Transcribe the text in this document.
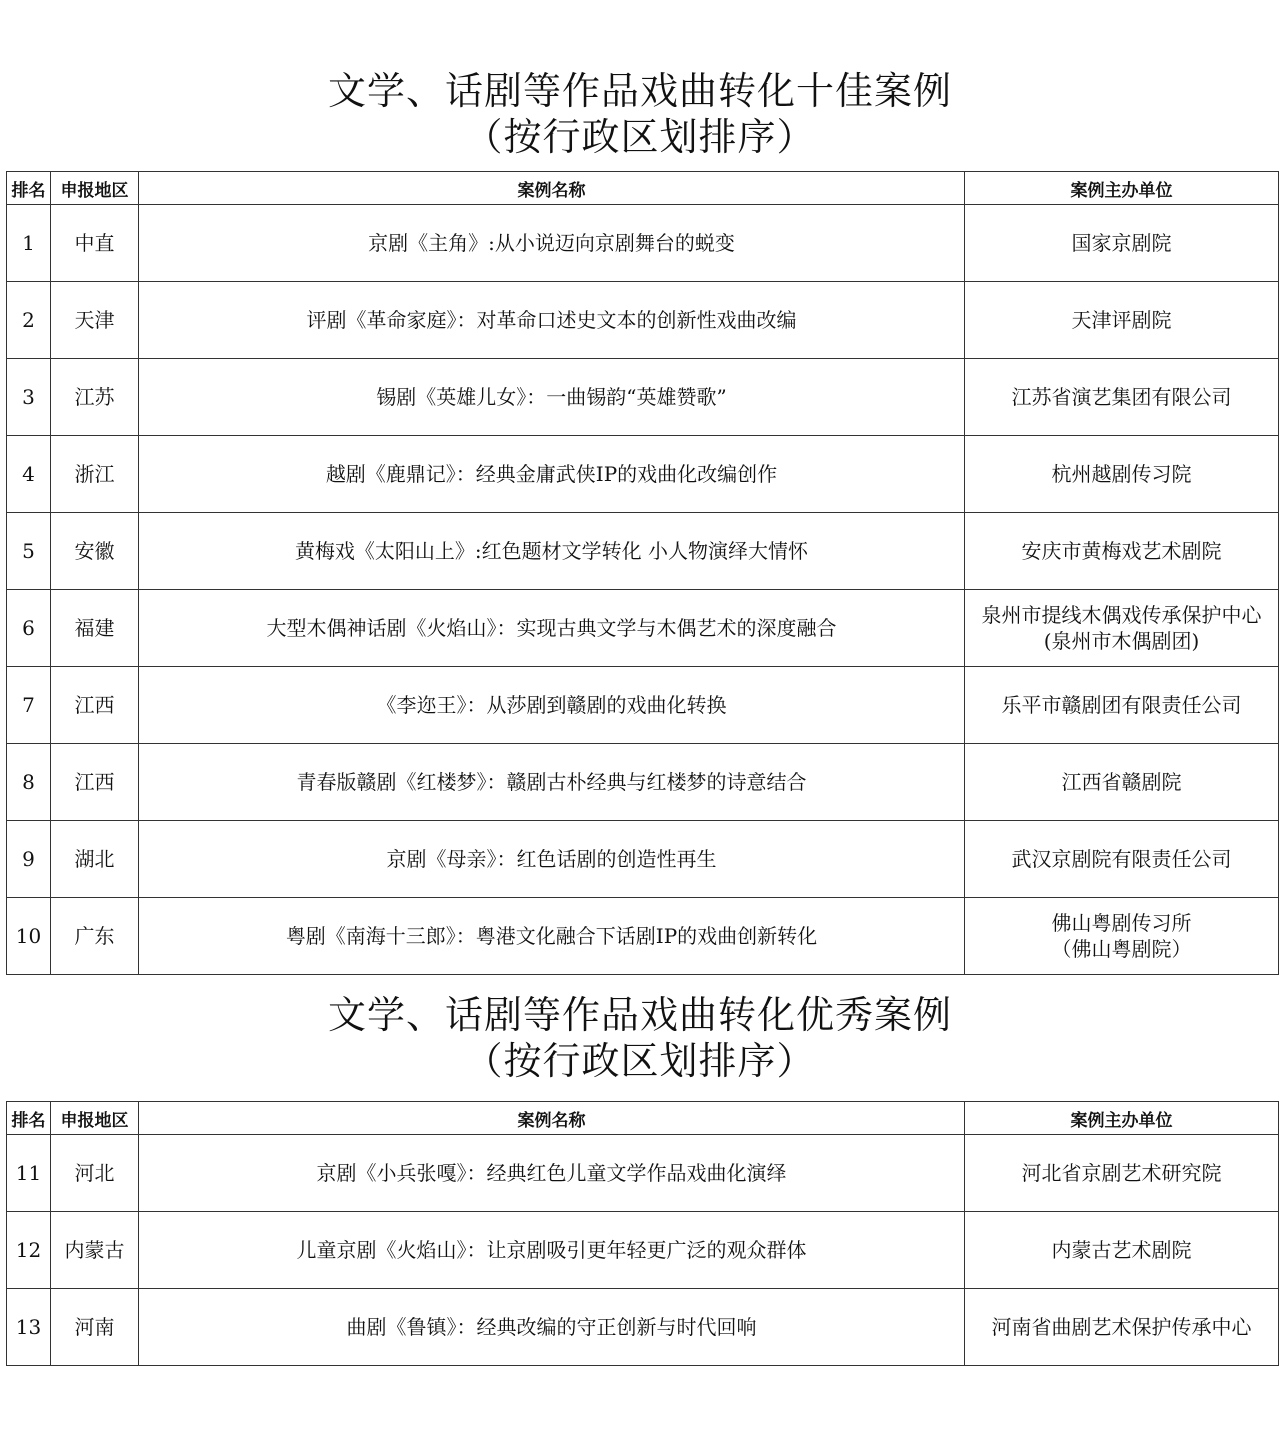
文学、话剧等作品戏曲转化十佳案例
（按行政区划排序）
排名	申报地区	案例名称	案例主办单位
1	中直	京剧《主角》:从小说迈向京剧舞台的蜕变	国家京剧院

2	天津	评剧《革命家庭》：对革命口述史文本的创新性戏曲改编	天津评剧院

3	江苏	锡剧《英雄儿女》：一曲锡韵“英雄赞歌”	江苏省演艺集团有限公司

4	浙江	越剧《鹿鼎记》：经典金庸武侠IP的戏曲化改编创作	杭州越剧传习院

5	安徽	黄梅戏《太阳山上》:红色题材文学转化 小人物演绎大情怀	安庆市黄梅戏艺术剧院

6	福建	大型木偶神话剧《火焰山》：实现古典文学与木偶艺术的深度融合	泉州市提线木偶戏传承保护中心
(泉州市木偶剧团)

7	江西	《李迩王》：从莎剧到赣剧的戏曲化转换	乐平市赣剧团有限责任公司

8	江西	青春版赣剧《红楼梦》：赣剧古朴经典与红楼梦的诗意结合	江西省赣剧院

9	湖北	京剧《母亲》：红色话剧的创造性再生	武汉京剧院有限责任公司

10	广东	粤剧《南海十三郎》：粤港文化融合下话剧IP的戏曲创新转化	佛山粤剧传习所
（佛山粤剧院）
文学、话剧等作品戏曲转化优秀案例
（按行政区划排序）
排名	申报地区	案例名称	案例主办单位
11	河北	京剧《小兵张嘎》：经典红色儿童文学作品戏曲化演绎	河北省京剧艺术研究院

12	内蒙古	儿童京剧《火焰山》：让京剧吸引更年轻更广泛的观众群体	内蒙古艺术剧院

13	河南	曲剧《鲁镇》：经典改编的守正创新与时代回响	河南省曲剧艺术保护传承中心
